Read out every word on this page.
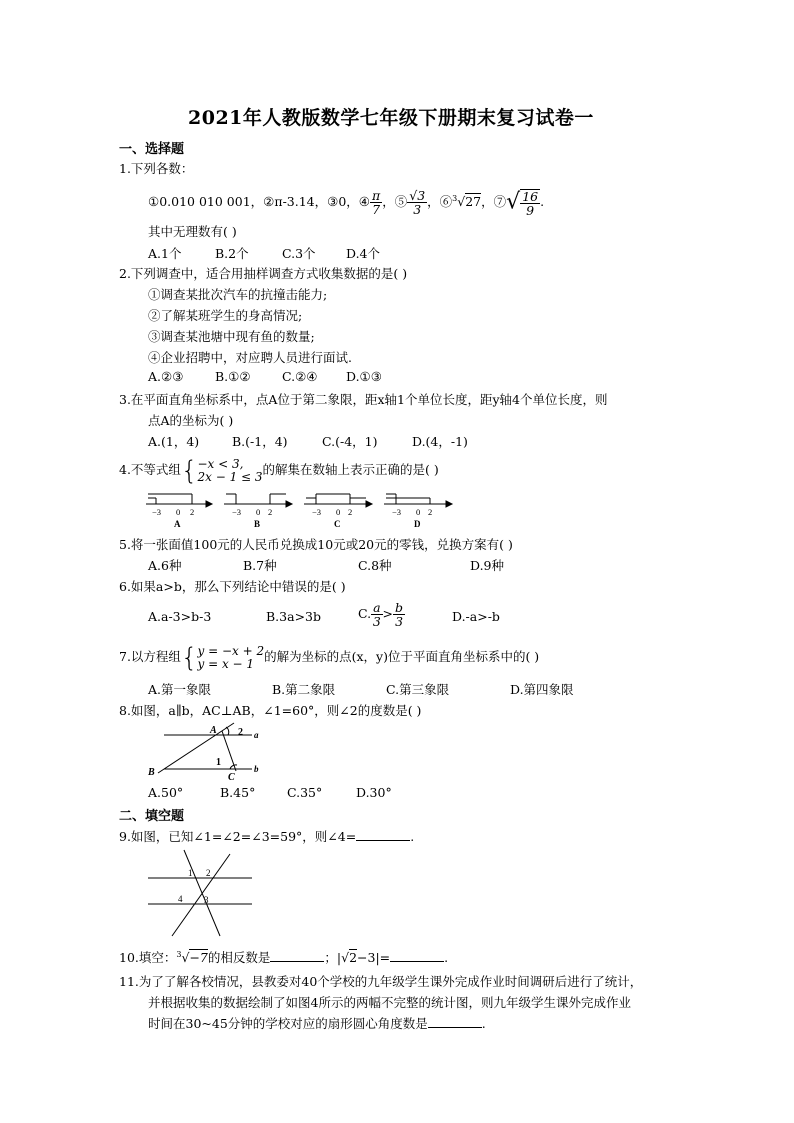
2021年人教版数学七年级下册期末复习试卷一
一、选择题
1.下列各数：
①0.010 010 001，②π-3.14，③0，④ $\frac{\pi}{7}$ ，⑤ $\frac{√3}{3}$ ，⑥$^3$√27，⑦√ $\frac{16}{9}$ .
其中无理数有( )
A.1个	B.2个	C.3个 D.4个
2.下列调查中，适合用抽样调查方式收集数据的是( )
①调查某批次汽车的抗撞击能力;
②了解某班学生的身高情况;
③调查某池塘中现有鱼的数量;
④企业招聘中，对应聘人员进行面试.
A.②③	B.①②	C.②④ D.①③
3.在平面直角坐标系中，点A位于第二象限，距x轴1个单位长度，距y轴4个单位长度，则
点A的坐标为( )
A.(1，4)	B.(-1，4)	C.(-4，1)	D.(4，-1)
4.不等式组{ −x < 3,
2x − 1 ≤ 3 的解集在数轴上表示正确的是( )
−3 0 2	−3 0 2	−3 0 2	−3 0 2
A	B	C	D
5.将一张面值100元的人民币兑换成10元或20元的零钱，兑换方案有( )
A.6种	B.7种	C.8种	D.9种
6.如果a>b，那么下列结论中错误的是( )
A.a-3>b-3	B.3a>3b	C. $\frac{a}{3} > \frac{b}{3}$	D.-a>-b
7.以方程组{ y = −x + 2
y = x − 1 的解为坐标的点(x，y)位于平面直角坐标系中的( )
A.第一象限	B.第二象限	C.第三象限	D.第四象限
8.如图，a∥b，AC⊥AB，∠1=60°，则∠2的度数是( )
A
B	C
a
b
1
2
A.50°	B.45°	C.35°	D.30°
二、填空题
9.如图，已知∠1=∠2=∠3=59°，则∠4=	.
1 2
3
4
10.填空：$^3$√−7的相反数是	；|√2−3|=	.
11.为了了解各校情况，县教委对40个学校的九年级学生课外完成作业时间调研后进行了统计，
并根据收集的数据绘制了如图4所示的两幅不完整的统计图，则九年级学生课外完成作业
时间在30~45分钟的学校对应的扇形圆心角度数是	.
